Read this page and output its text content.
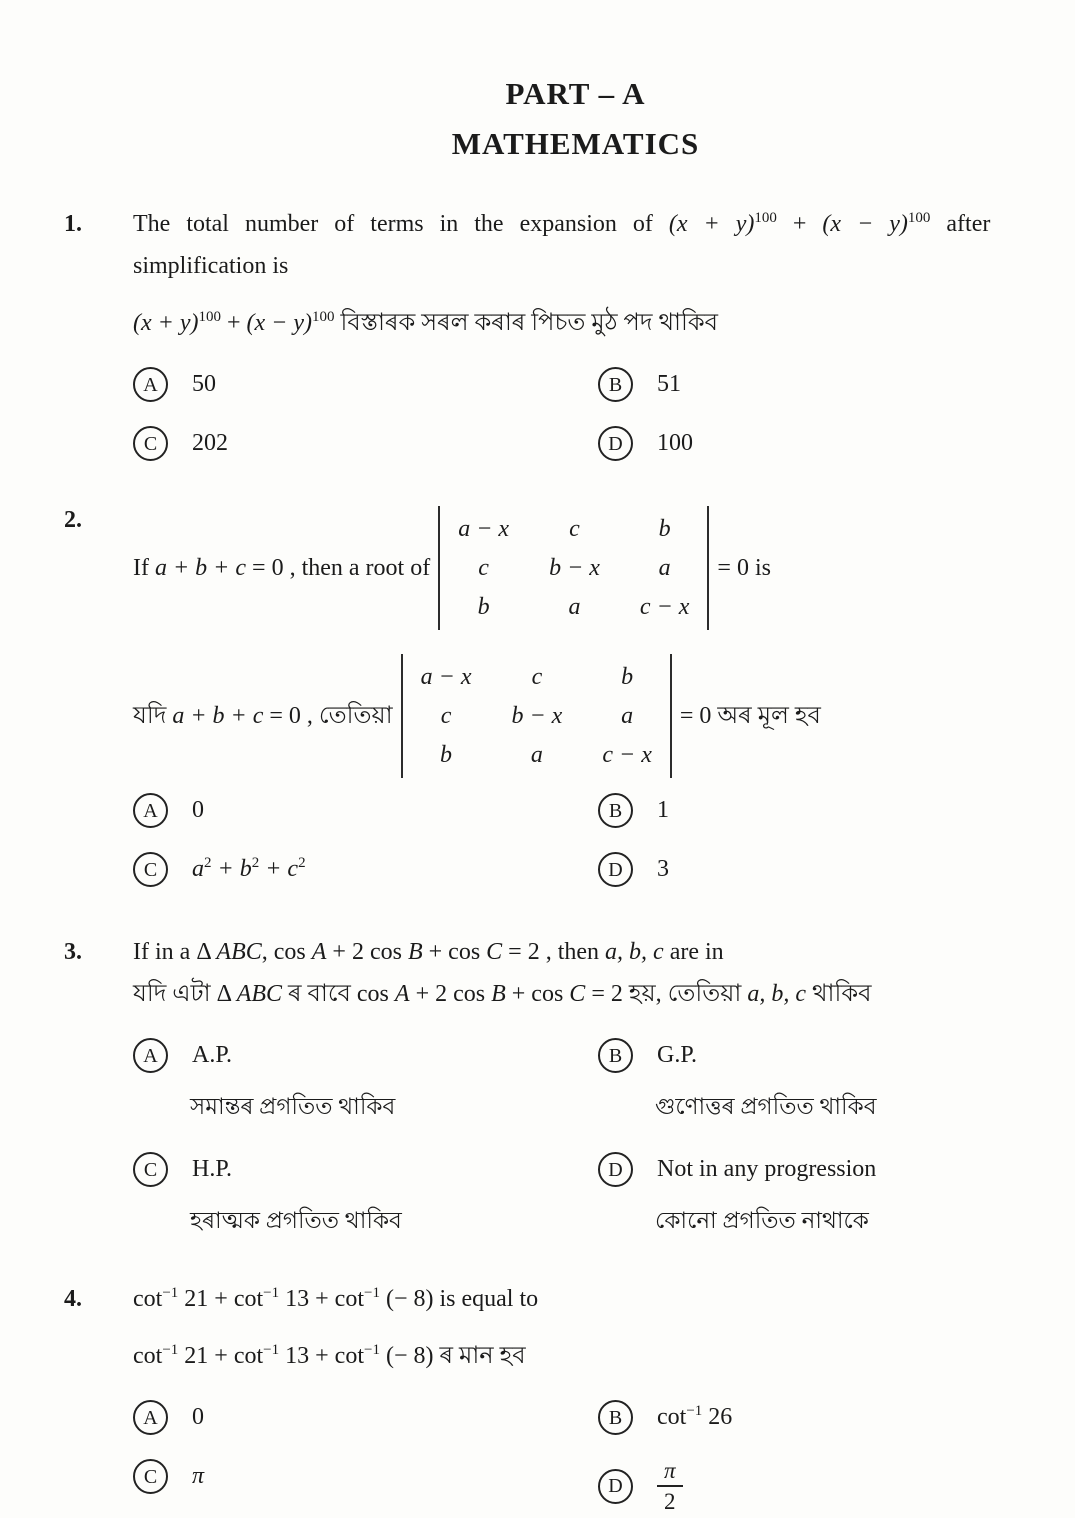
PART – A
MATHEMATICS
1.	The total number of terms in the expansion of $(x + y)^{100} + (x - y)^{100}$ after
simplification is
$(x + y)^{100} + (x - y)^{100}$ বিস্তাৰক সৰল কৰাৰ পিচত মুঠ পদ থাকিব
A 50	B 51
C 202	D 100
2.
If a + b + c = 0 , then a root of
a − x	c	b
c	b − x	a
b	a	c − x
= 0 is
যদি a + b + c = 0 , তেতিয়া
a − x	c	b
c	b − x	a
b	a	c − x
= 0 অৰ মূল হব
A 0	B 1
C $a^2 + b^2 + c^2$	D 3
3.	If in a Δ ABC, cos A + 2 cos B + cos C = 2 , then a, b, c are in
যদি এটা Δ ABC ৰ বাবে cos A + 2 cos B + cos C = 2 হয়, তেতিয়া a, b, c থাকিব
A A.P.
সমান্তৰ প্ৰগতিত থাকিব
B G.P.
গুণোত্তৰ প্ৰগতিত থাকিব
C H.P.
হৰাত্মক প্ৰগতিত থাকিব
D Not in any progression
কোনো প্ৰগতিত নাথাকে
4.	$\cot^{-1} 21 + \cot^{-1} 13 + \cot^{-1}$ (− 8) is equal to
$\cot^{-1} 21 + \cot^{-1} 13 + \cot^{-1}$ (− 8) ৰ মান হব
A 0	B $\cot^{-1} 26$
C π	D $\frac{\pi}{2}$
